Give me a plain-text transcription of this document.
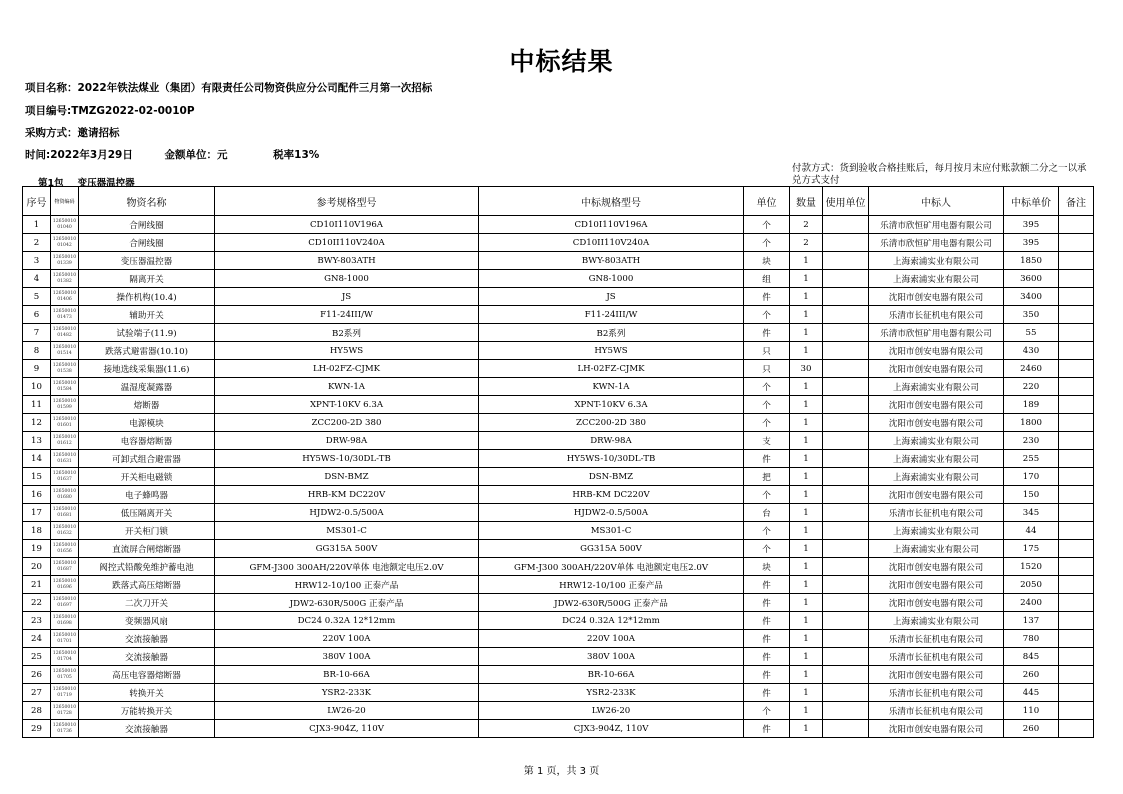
中标结果
项目名称：2022年铁法煤业（集团）有限责任公司物资供应分公司配件三月第一次招标
项目编号:TMZG2022-02-0010P
采购方式：邀请招标
时间:2022年3月29日	金额单位：元	税率13%
付款方式：货到验收合格挂账后，每月按月末应付账款额二分之一以承兑方式支付
第1包 变压器温控器
序号	物资编码	物资名称	参考规格型号	中标规格型号	单位	数量	使用单位	中标人	中标单价	备注
1	12650010 01040	合闸线圈	CD10I110V196A	CD10I110V196A	个	2		乐清市欣恒矿用电器有限公司	395	
2	12650010 01042	合闸线圈	CD10II110V240A	CD10II110V240A	个	2		乐清市欣恒矿用电器有限公司	395	
3	12650010 01339	变压器温控器	BWY-803ATH	BWY-803ATH	块	1		上海索浦实业有限公司	1850	
4	12650010 01382	隔离开关	GN8-1000	GN8-1000	组	1		上海索浦实业有限公司	3600	
5	12650010 01406	操作机构(10.4)	JS	JS	件	1		沈阳市创安电器有限公司	3400	
6	12650010 01473	辅助开关	F11-24III/W	F11-24III/W	个	1		乐清市长征机电有限公司	350	
7	12650010 01482	试验端子(11.9)	B2系列	B2系列	件	1		乐清市欣恒矿用电器有限公司	55	
8	12650010 01514	跌落式避雷器(10.10)	HY5WS	HY5WS	只	1		沈阳市创安电器有限公司	430	
9	12650010 01538	接地选线采集器(11.6)	LH-02FZ-CJMK	LH-02FZ-CJMK	只	30		沈阳市创安电器有限公司	2460	
10	12650010 01584	温湿度凝露器	KWN-1A	KWN-1A	个	1		上海索浦实业有限公司	220	
11	12650010 01599	熔断器	XPNT-10KV 6.3A	XPNT-10KV 6.3A	个	1		沈阳市创安电器有限公司	189	
12	12650010 01601	电源模块	ZCC200-2D 380	ZCC200-2D 380	个	1		沈阳市创安电器有限公司	1800	
13	12650010 01612	电容器熔断器	DRW-98A	DRW-98A	支	1		上海索浦实业有限公司	230	
14	12650010 01631	可卸式组合避雷器	HY5WS-10/30DL-TB	HY5WS-10/30DL-TB	件	1		上海索浦实业有限公司	255	
15	12650010 01637	开关柜电磁锁	DSN-BMZ	DSN-BMZ	把	1		上海索浦实业有限公司	170	
16	12650010 01680	电子蜂鸣器	HRB-KM DC220V	HRB-KM DC220V	个	1		沈阳市创安电器有限公司	150	
17	12650010 01681	低压隔离开关	HJDW2-0.5/500A	HJDW2-0.5/500A	台	1		乐清市长征机电有限公司	345	
18	12650010 01632	开关柜门锁	MS301-C	MS301-C	个	1		上海索浦实业有限公司	44	
19	12650010 01656	直流屏合闸熔断器	GG315A 500V	GG315A 500V	个	1		上海索浦实业有限公司	175	
20	12650010 01687	阀控式铅酸免维护蓄电池	GFM-J300 300AH/220V单体 电池额定电压2.0V	GFM-J300 300AH/220V单体 电池额定电压2.0V	块	1		沈阳市创安电器有限公司	1520	
21	12650010 01696	跌落式高压熔断器	HRW12-10/100 正泰产品	HRW12-10/100 正泰产品	件	1		沈阳市创安电器有限公司	2050	
22	12650010 01697	二次刀开关	JDW2-630R/500G 正泰产品	JDW2-630R/500G 正泰产品	件	1		沈阳市创安电器有限公司	2400	
23	12650010 01698	变频器风扇	DC24 0.32A 12*12mm	DC24 0.32A 12*12mm	件	1		上海索浦实业有限公司	137	
24	12650010 01701	交流接触器	220V 100A	220V 100A	件	1		乐清市长征机电有限公司	780	
25	12650010 01704	交流接触器	380V 100A	380V 100A	件	1		乐清市长征机电有限公司	845	
26	12650010 01705	高压电容器熔断器	BR-10-66A	BR-10-66A	件	1		沈阳市创安电器有限公司	260	
27	12650010 01719	转换开关	YSR2-233K	YSR2-233K	件	1		乐清市长征机电有限公司	445	
28	12650010 01728	万能转换开关	LW26-20	LW26-20	个	1		乐清市长征机电有限公司	110	
29	12650010 01736	交流接触器	CJX3-904Z, 110V	CJX3-904Z, 110V	件	1		沈阳市创安电器有限公司	260	
第 1 页，共 3 页
